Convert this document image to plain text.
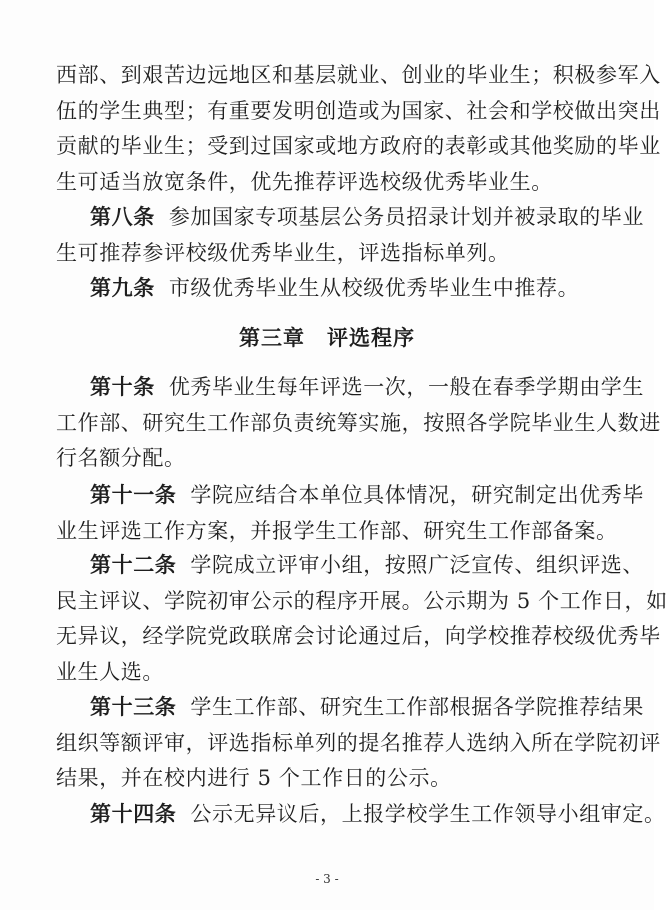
西部、到艰苦边远地区和基层就业、创业的毕业生；积极参军入
伍的学生典型；有重要发明创造或为国家、社会和学校做出突出
贡献的毕业生；受到过国家或地方政府的表彰或其他奖励的毕业
生可适当放宽条件，优先推荐评选校级优秀毕业生。
第八条 参加国家专项基层公务员招录计划并被录取的毕业
生可推荐参评校级优秀毕业生，评选指标单列。
第九条 市级优秀毕业生从校级优秀毕业生中推荐。
第三章　评选程序
第十条 优秀毕业生每年评选一次，一般在春季学期由学生
工作部、研究生工作部负责统筹实施，按照各学院毕业生人数进
行名额分配。
第十一条 学院应结合本单位具体情况，研究制定出优秀毕
业生评选工作方案，并报学生工作部、研究生工作部备案。
第十二条 学院成立评审小组，按照广泛宣传、组织评选、
民主评议、学院初审公示的程序开展。公示期为 5 个工作日，如
无异议，经学院党政联席会讨论通过后，向学校推荐校级优秀毕
业生人选。
第十三条 学生工作部、研究生工作部根据各学院推荐结果
组织等额评审，评选指标单列的提名推荐人选纳入所在学院初评
结果，并在校内进行 5 个工作日的公示。
第十四条 公示无异议后，上报学校学生工作领导小组审定。
- 3 -
